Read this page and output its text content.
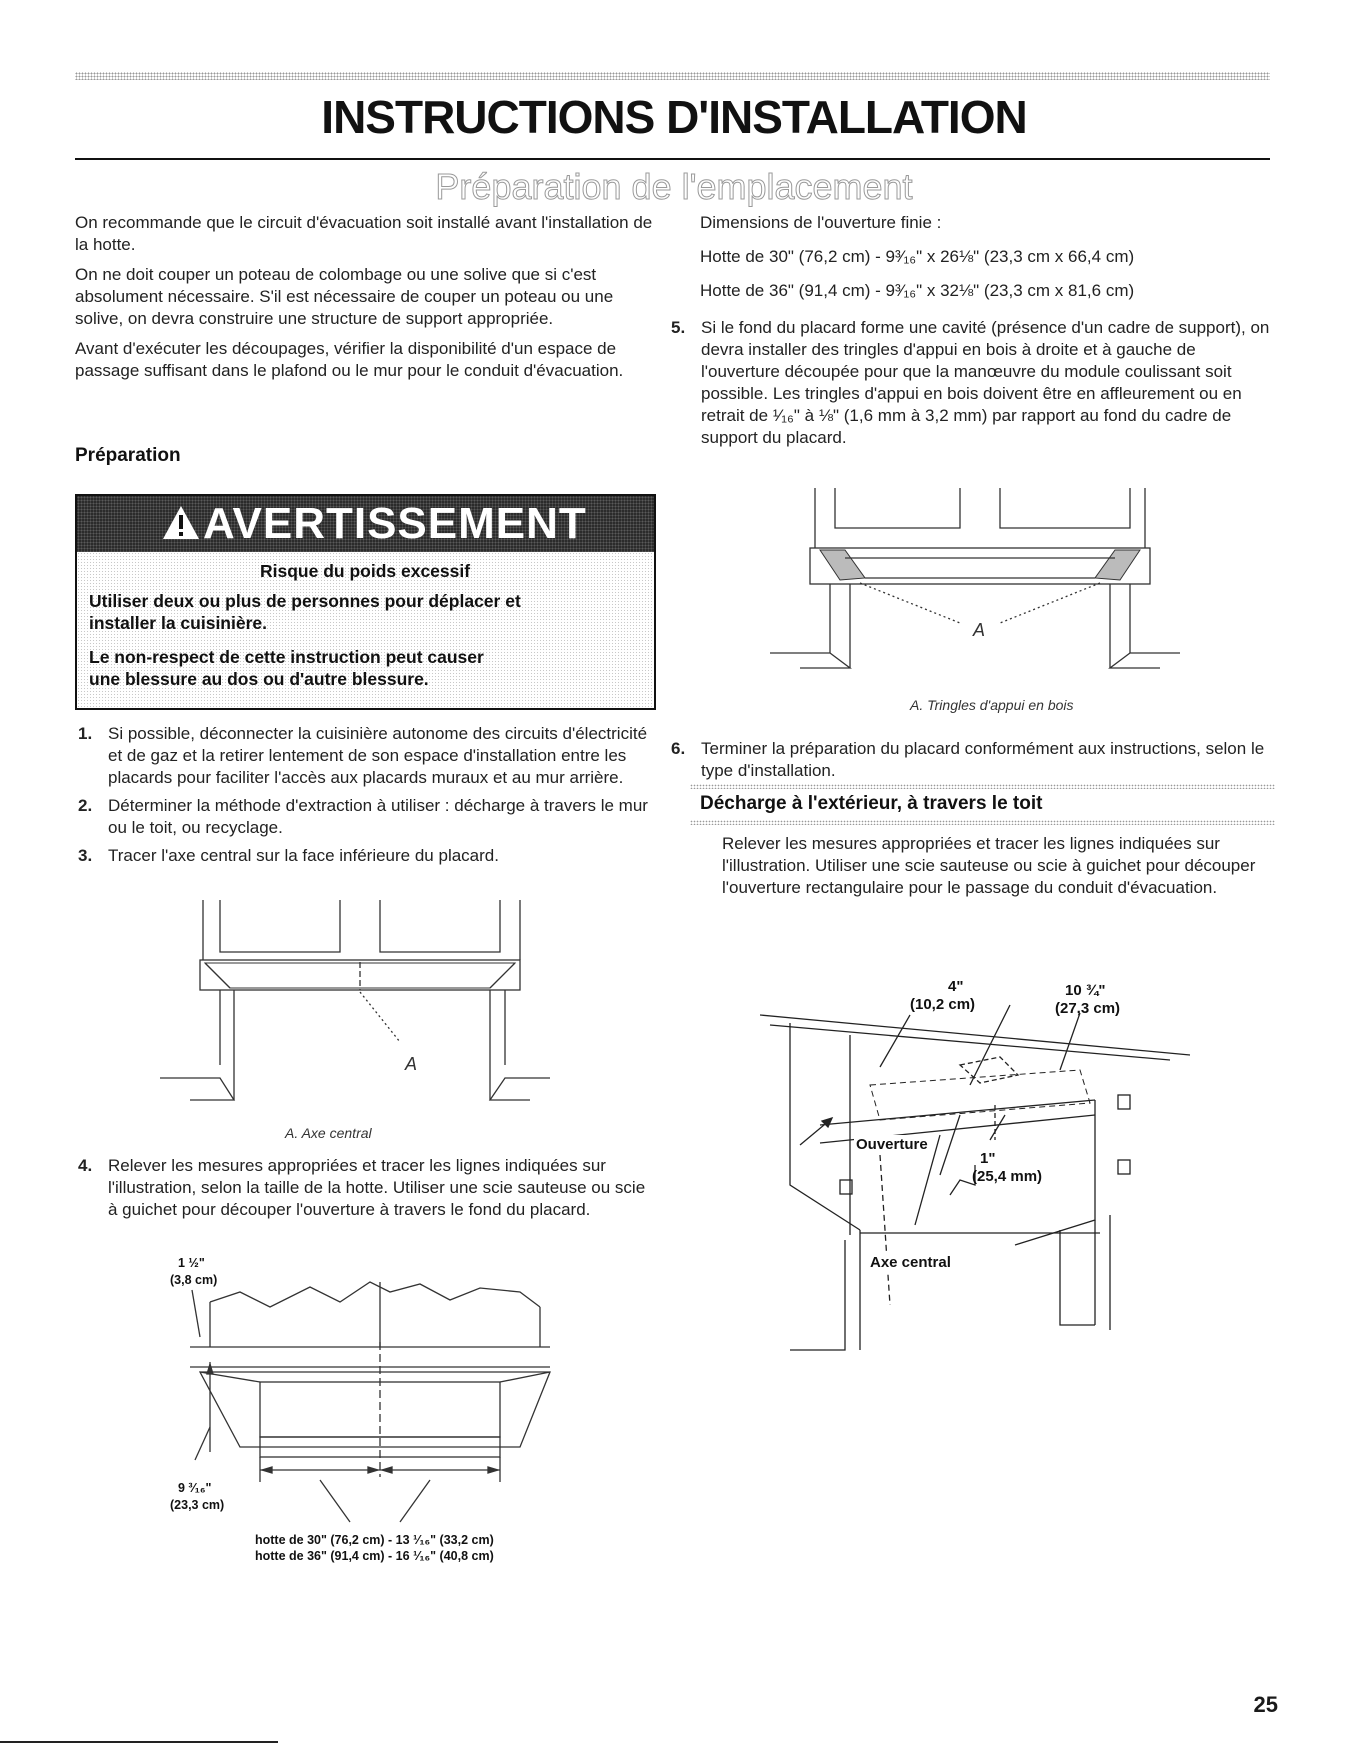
INSTRUCTIONS D'INSTALLATION
Préparation de l'emplacement

On recommande que le circuit d'évacuation soit installé avant l'installation de la hotte.

On ne doit couper un poteau de colombage ou une solive que si c'est absolument nécessaire. S'il est nécessaire de couper un poteau ou une solive, on devra construire une structure de support appropriée.

Avant d'exécuter les découpages, vérifier la disponibilité d'un espace de passage suffisant dans le plafond ou le mur pour le conduit d'évacuation.

Préparation
AVERTISSEMENT
Risque du poids excessif
Utiliser deux ou plus de personnes pour déplacer et
installer la cuisinière.
Le non-respect de cette instruction peut causer
une blessure au dos ou d'autre blessure.
1. Si possible, déconnecter la cuisinière autonome des circuits d'électricité et de gaz et la retirer lentement de son espace d'installation entre les placards pour faciliter l'accès aux placards muraux et au mur arrière.
2. Déterminer la méthode d'extraction à utiliser : décharge à travers le mur ou le toit, ou recyclage.
3. Tracer l'axe central sur la face inférieure du placard.
A
A. Axe central
4. Relever les mesures appropriées et tracer les lignes indiquées sur l'illustration, selon la taille de la hotte. Utiliser une scie sauteuse ou scie à guichet pour découper l'ouverture à travers le fond du placard.
1 ½"
(3,8 cm)
9 ³⁄₁₆"
(23,3 cm)
hotte de 30" (76,2 cm) - 13 ¹⁄₁₆" (33,2 cm)
hotte de 36" (91,4 cm) - 16 ¹⁄₁₆" (40,8 cm)

Dimensions de l'ouverture finie :

Hotte de 30" (76,2 cm) - 9³⁄₁₆" x 26⅛" (23,3 cm x 66,4 cm)

Hotte de 36" (91,4 cm) - 9³⁄₁₆" x 32⅛" (23,3 cm x 81,6 cm)

5. Si le fond du placard forme une cavité (présence d'un cadre de support), on devra installer des tringles d'appui en bois à droite et à gauche de l'ouverture découpée pour que la manœuvre du module coulissant soit possible. Les tringles d'appui en bois doivent être en affleurement ou en retrait de ¹⁄₁₆" à ⅛" (1,6 mm à 3,2 mm) par rapport au fond du cadre de support du placard.
A
A. Tringles d'appui en bois
6. Terminer la préparation du placard conformément aux instructions, selon le type d'installation.
Décharge à l'extérieur, à travers le toit
Relever les mesures appropriées et tracer les lignes indiquées sur l'illustration. Utiliser une scie sauteuse ou scie à guichet pour découper l'ouverture rectangulaire pour le passage du conduit d'évacuation.
4"
(10,2 cm)
10 ¾"
(27,3 cm)
Ouverture
1"
(25,4 mm)
Axe central
25
